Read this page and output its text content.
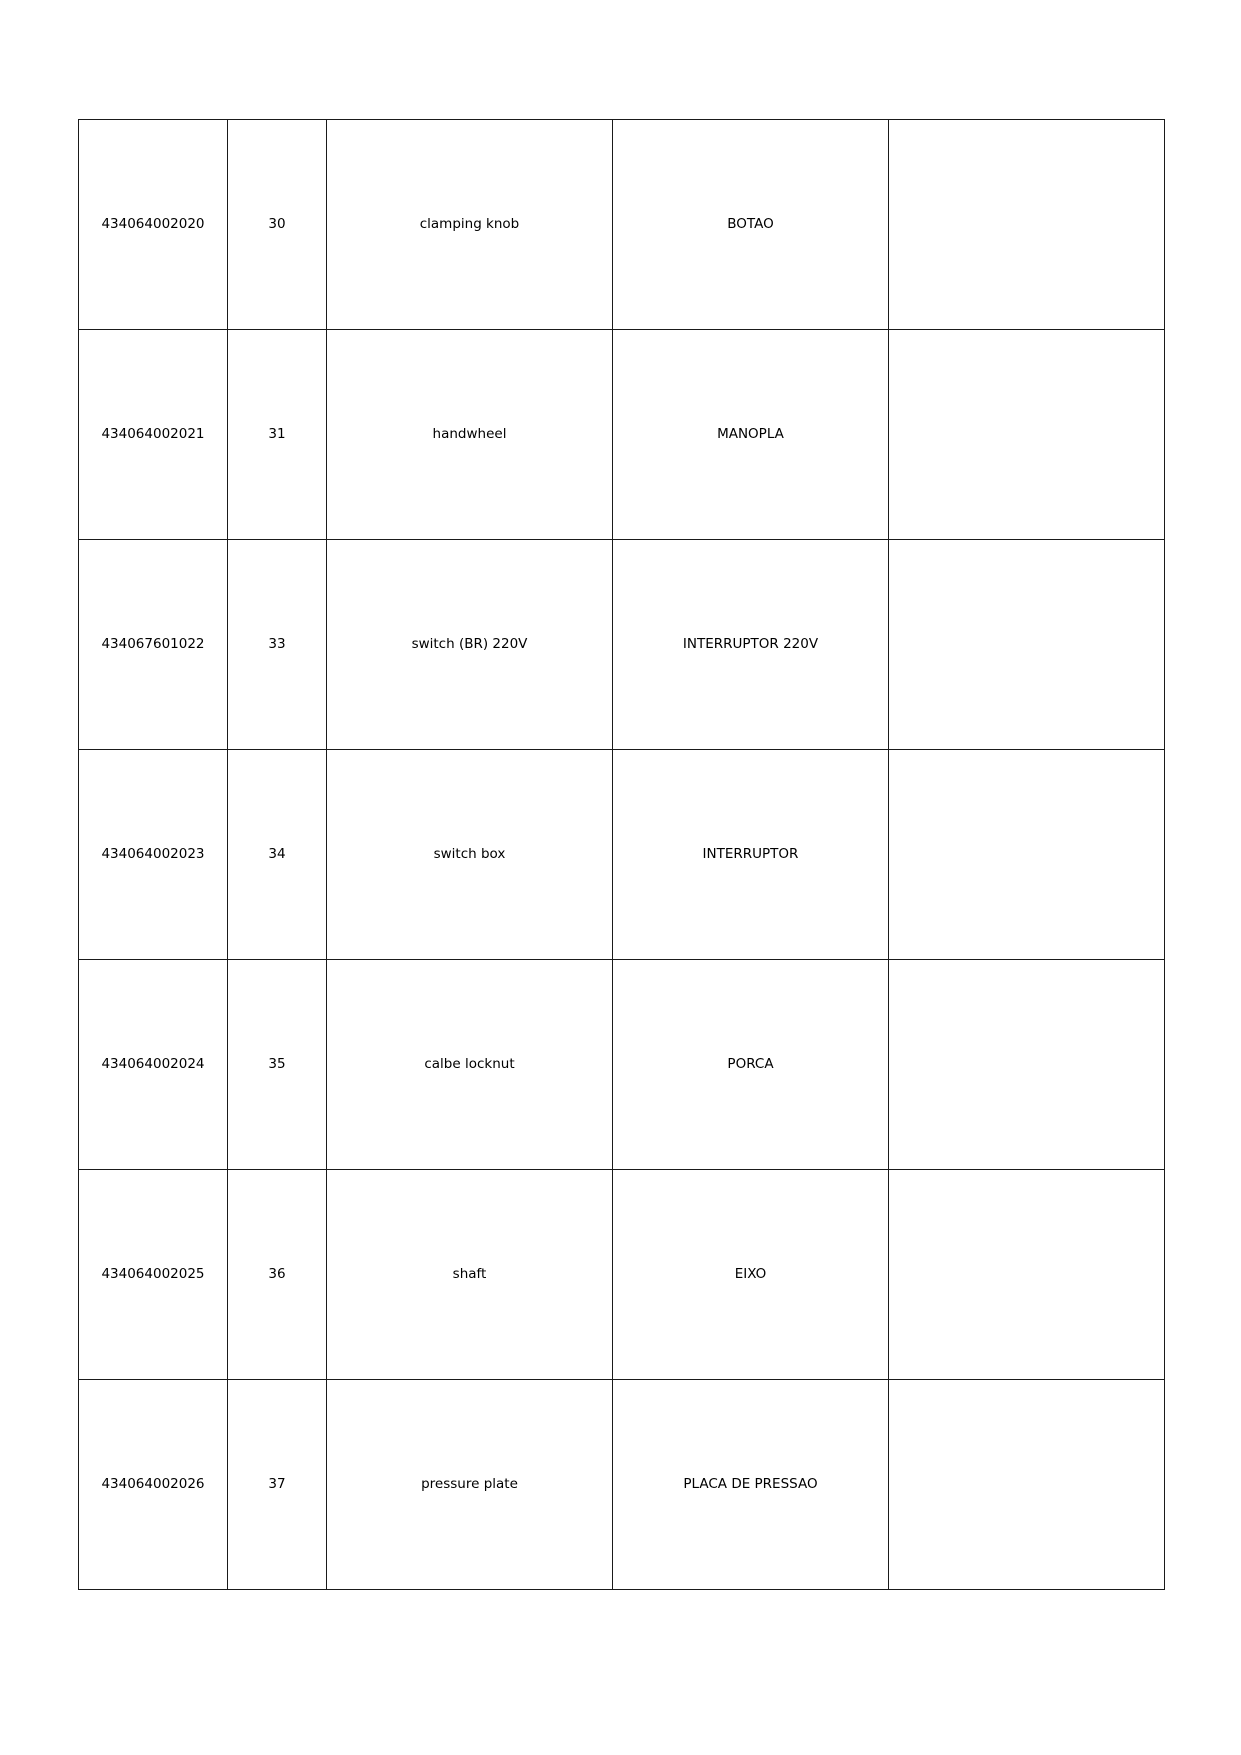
434064002020	30	clamping knob	BOTAO	
434064002021	31	handwheel	MANOPLA	
434067601022	33	switch (BR) 220V	INTERRUPTOR 220V	
434064002023	34	switch box	INTERRUPTOR	
434064002024	35	calbe locknut	PORCA	
434064002025	36	shaft	EIXO	
434064002026	37	pressure plate	PLACA DE PRESSAO	
